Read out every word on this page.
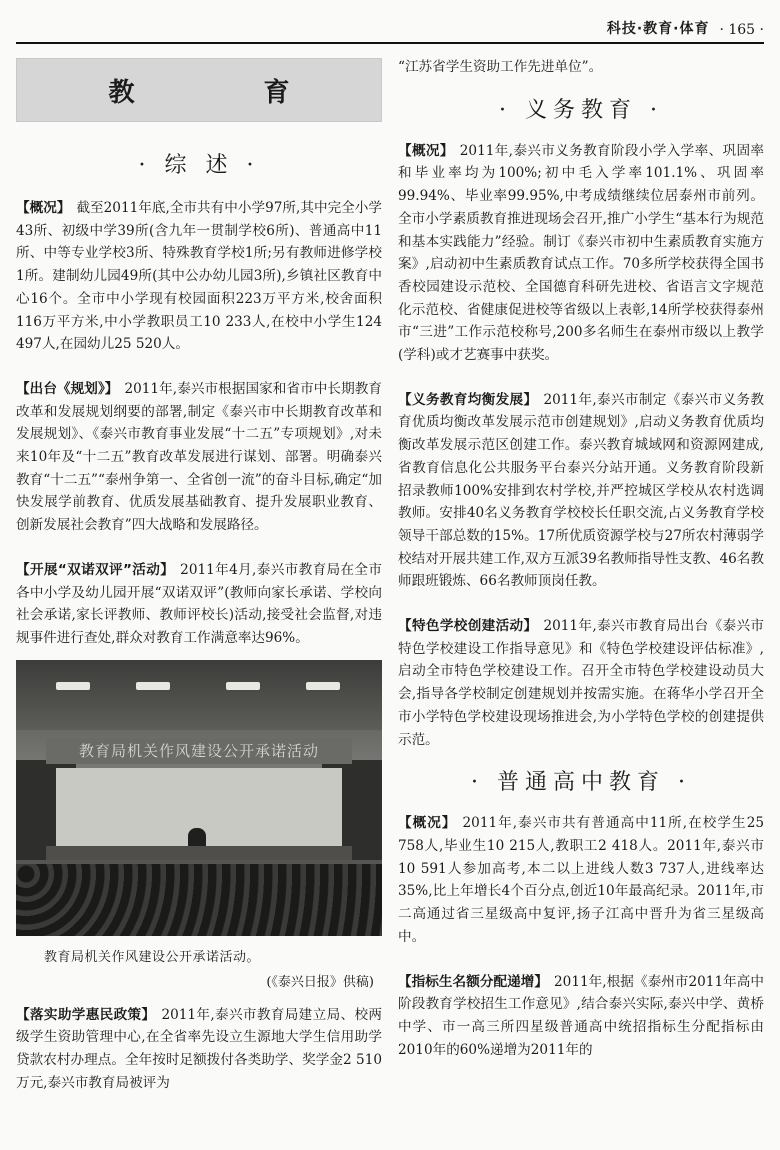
科技·教育·体育 · 165 ·
教 育
· 综 述 ·

【概况】 截至2011年底,全市共有中小学97所,其中完全小学43所、初级中学39所(含九年一贯制学校6所)、普通高中11所、中等专业学校3所、特殊教育学校1所;另有教师进修学校1所。建制幼儿园49所(其中公办幼儿园3所),乡镇社区教育中心16个。全市中小学现有校园面积223万平方米,校舍面积116万平方米,中小学教职员工10 233人,在校中小学生124 497人,在园幼儿25 520人。

【出台《规划》】 2011年,泰兴市根据国家和省市中长期教育改革和发展规划纲要的部署,制定《泰兴市中长期教育改革和发展规划》、《泰兴市教育事业发展“十二五”专项规划》,对未来10年及“十二五”教育改革发展进行谋划、部署。明确泰兴教育“十二五”“泰州争第一、全省创一流”的奋斗目标,确定“加快发展学前教育、优质发展基础教育、提升发展职业教育、创新发展社会教育”四大战略和发展路径。

【开展“双诺双评”活动】 2011年4月,泰兴市教育局在全市各中小学及幼儿园开展“双诺双评”(教师向家长承诺、学校向社会承诺,家长评教师、教师评校长)活动,接受社会监督,对违规事件进行查处,群众对教育工作满意率达96%。

教育局机关作风建设公开承诺活动
教育局机关作风建设公开承诺活动。
(《泰兴日报》供稿)

【落实助学惠民政策】 2011年,泰兴市教育局建立局、校两级学生资助管理中心,在全省率先设立生源地大学生信用助学贷款农村办理点。全年按时足额拨付各类助学、奖学金2 510万元,泰兴市教育局被评为

“江苏省学生资助工作先进单位”。

· 义务教育 ·

【概况】 2011年,泰兴市义务教育阶段小学入学率、巩固率和毕业率均为100%;初中毛入学率101.1%、巩固率99.94%、毕业率99.95%,中考成绩继续位居泰州市前列。全市小学素质教育推进现场会召开,推广小学生“基本行为规范和基本实践能力”经验。制订《泰兴市初中生素质教育实施方案》,启动初中生素质教育试点工作。70多所学校获得全国书香校园建设示范校、全国德育科研先进校、省语言文字规范化示范校、省健康促进校等省级以上表彰,14所学校获得泰州市“三进”工作示范校称号,200多名师生在泰州市级以上教学(学科)或才艺赛事中获奖。

【义务教育均衡发展】 2011年,泰兴市制定《泰兴市义务教育优质均衡改革发展示范市创建规划》,启动义务教育优质均衡改革发展示范区创建工作。泰兴教育城域网和资源网建成,省教育信息化公共服务平台泰兴分站开通。义务教育阶段新招录教师100%安排到农村学校,并严控城区学校从农村选调教师。安排40名义务教育学校校长任职交流,占义务教育学校领导干部总数的15%。17所优质资源学校与27所农村薄弱学校结对开展共建工作,双方互派39名教师指导性支教、46名教师跟班锻炼、66名教师顶岗任教。

【特色学校创建活动】 2011年,泰兴市教育局出台《泰兴市特色学校建设工作指导意见》和《特色学校建设评估标准》,启动全市特色学校建设工作。召开全市特色学校建设动员大会,指导各学校制定创建规划并按需实施。在蒋华小学召开全市小学特色学校建设现场推进会,为小学特色学校的创建提供示范。

· 普通高中教育 ·

【概况】 2011年,泰兴市共有普通高中11所,在校学生25 758人,毕业生10 215人,教职工2 418人。2011年,泰兴市10 591人参加高考,本二以上进线人数3 737人,进线率达35%,比上年增长4个百分点,创近10年最高纪录。2011年,市二高通过省三星级高中复评,扬子江高中晋升为省三星级高中。

【指标生名额分配递增】 2011年,根据《泰州市2011年高中阶段教育学校招生工作意见》,结合泰兴实际,泰兴中学、黄桥中学、市一高三所四星级普通高中统招指标生分配指标由2010年的60%递增为2011年的
